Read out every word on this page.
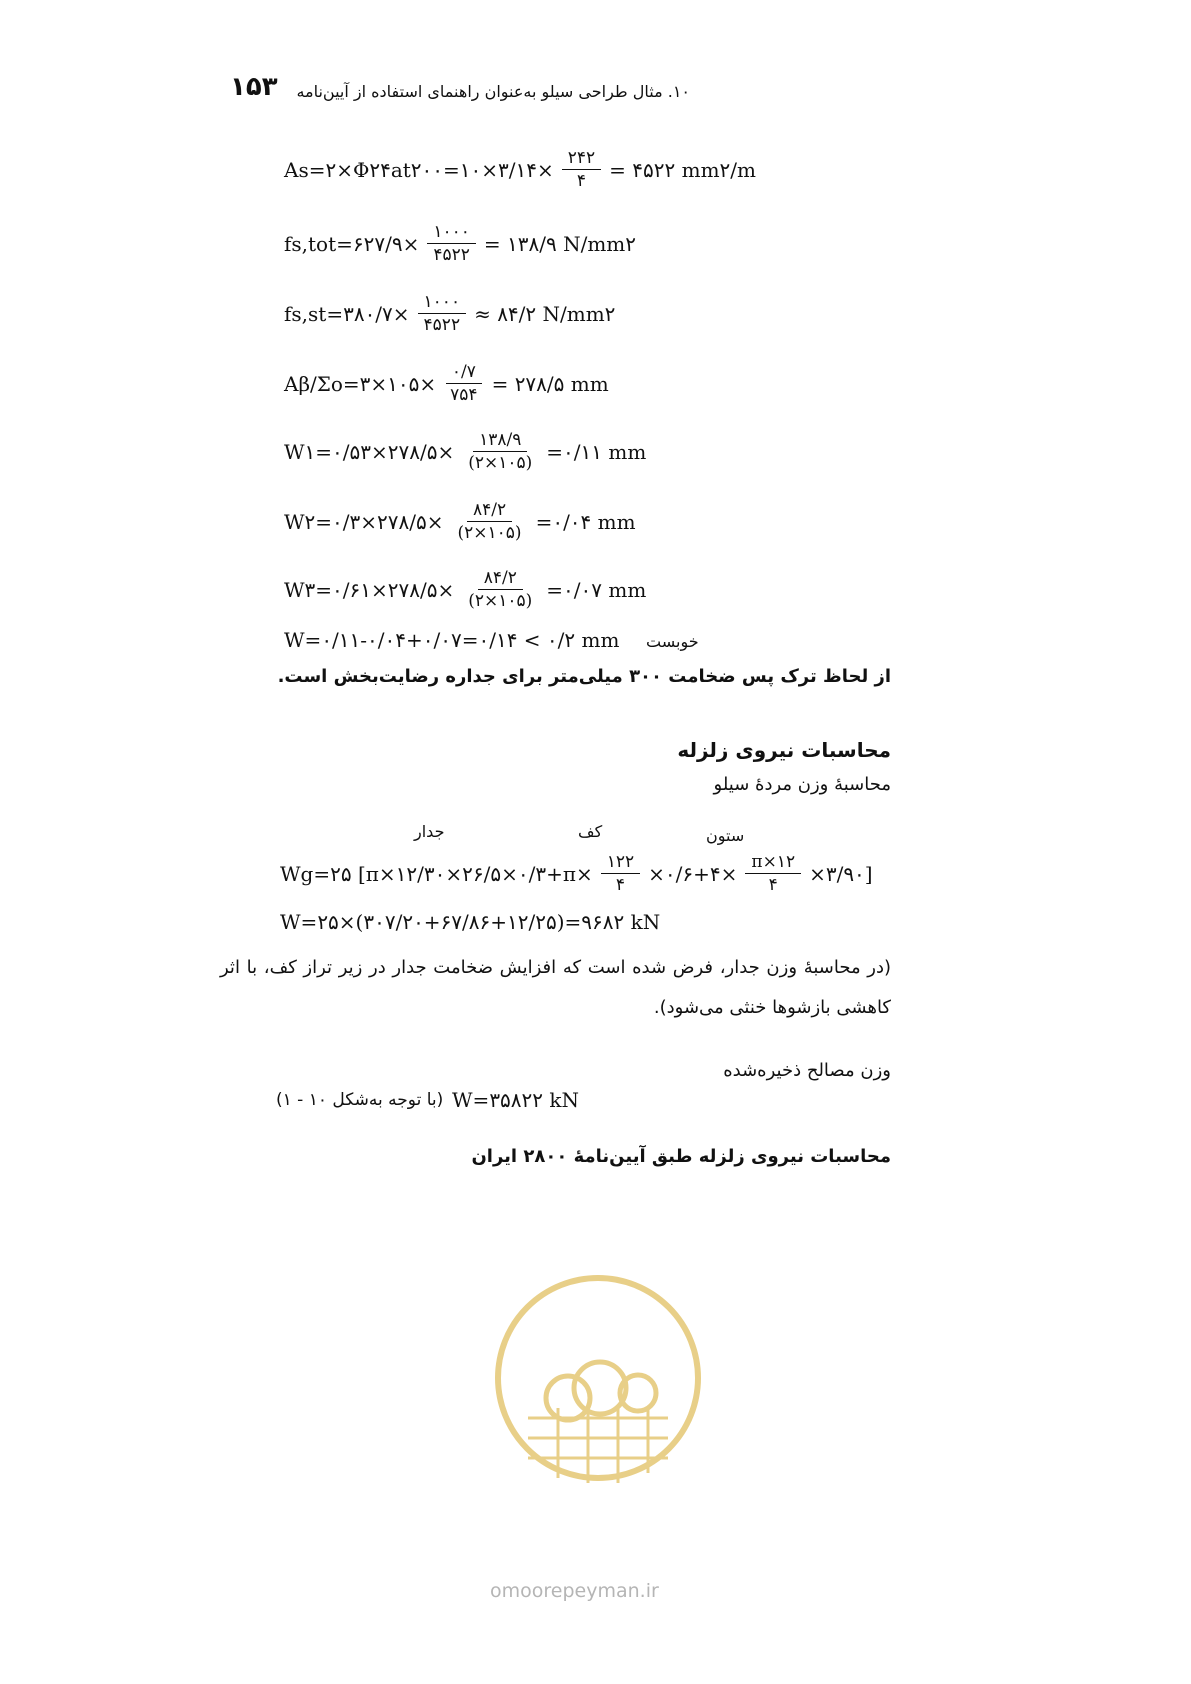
۱۵۳ ۱۰. مثال طراحی سیلو به‌عنوان راهنمای استفاده از آیین‌نامه
As=۲×Φ۲۴at۲۰۰=۱۰×۳/۱۴× $\frac{۲۴۲}{۴}$ = ۴۵۲۲ mm۲/m
fs,tot=۶۲۷/۹× $\frac{۱۰۰۰}{۴۵۲۲}$ = ۱۳۸/۹ N/mm۲
fs,st=۳۸۰/۷× $\frac{۱۰۰۰}{۴۵۲۲}$ ≈ ۸۴/۲ N/mm۲
Aβ/Σo=۳×۱۰۵× $\frac{۰/۷}{۷۵۴}$ = ۲۷۸/۵ mm
W۱=۰/۵۳×۲۷۸/۵× $\frac{۱۳۸/۹}{(۲\times ۱۰۵)}$ =۰/۱۱ mm
W۲=۰/۳×۲۷۸/۵× $\frac{۸۴/۲}{(۲\times ۱۰۵)}$ =۰/۰۴ mm
W۳=۰/۶۱×۲۷۸/۵× $\frac{۸۴/۲}{(۲\times ۱۰۵)}$ =۰/۰۷ mm
W=۰/۱۱-۰/۰۴+۰/۰۷=۰/۱۴ < ۰/۲ mm خوبست
از لحاظ ترک پس ضخامت ۳۰۰ میلی‌متر برای جداره رضایت‌بخش است.
محاسبات نیروی زلزله
محاسبهٔ وزن مردهٔ سیلو
جدار	کف	ستون
Wg=۲۵ [π×۱۲/۳۰×۲۶/۵×۰/۳+π× $\frac{۱۲۲}{۴}$ ×۰/۶+۴× $\frac{\pi\times ۱۲}{۴}$ ×۳/۹۰]
W=۲۵×(۳۰۷/۲۰+۶۷/۸۶+۱۲/۲۵)=۹۶۸۲ kN
(در محاسبهٔ وزن جدار، فرض شده است که افزایش ضخامت جدار در زیر تراز کف، با اثر کاهشی بازشوها خنثی می‌شود).
وزن مصالح ذخیره‌شده
W=۳۵۸۲۲ kN
(با توجه به‌شکل ۱۰ - ۱)
محاسبات نیروی زلزله طبق آیین‌نامهٔ ۲۸۰۰ ایران
omoorepeyman.ir
